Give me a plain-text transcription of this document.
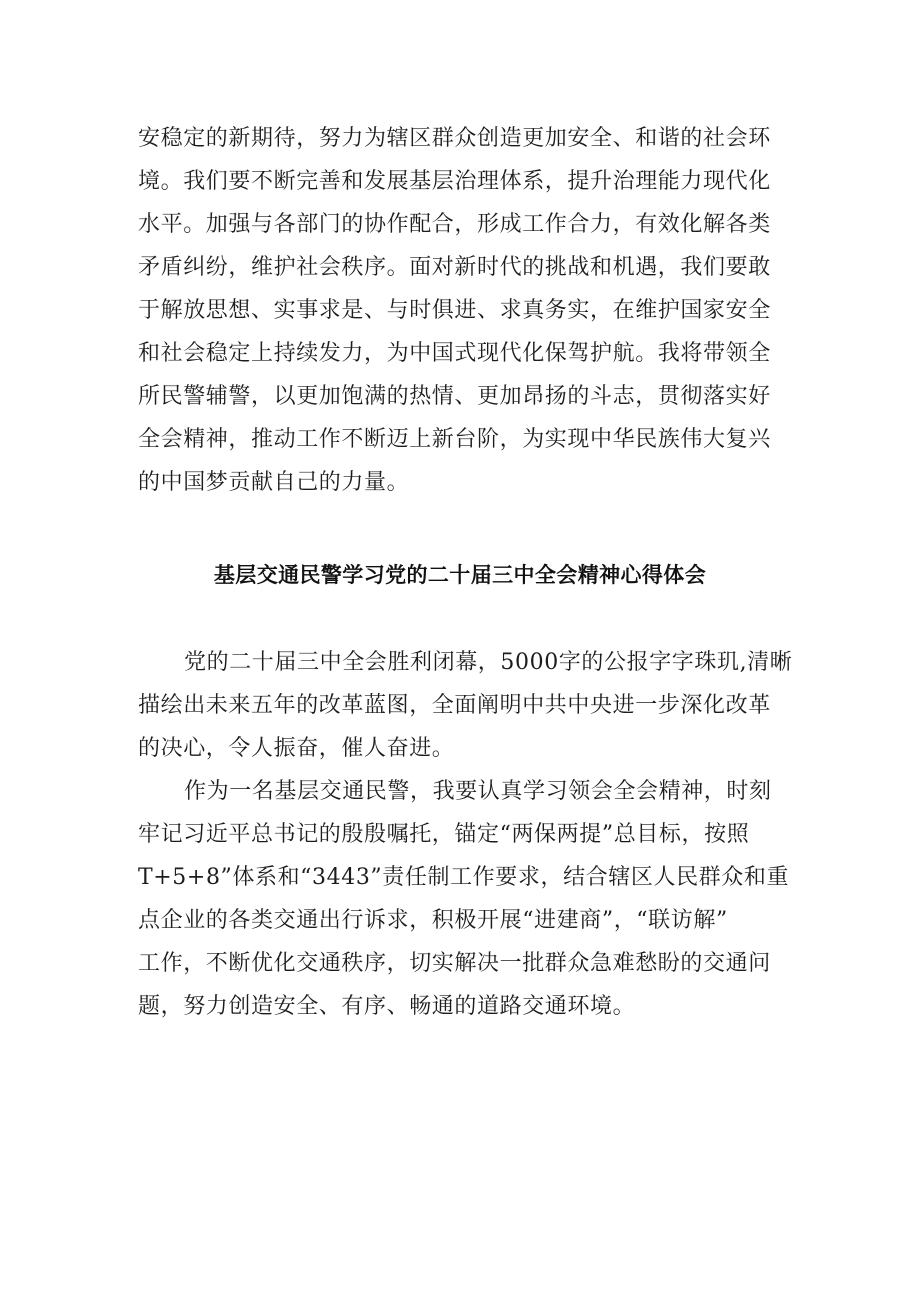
安稳定的新期待，努力为辖区群众创造更加安全、和谐的社会环
境。我们要不断完善和发展基层治理体系，提升治理能力现代化
水平。加强与各部门的协作配合，形成工作合力，有效化解各类
矛盾纠纷，维护社会秩序。面对新时代的挑战和机遇，我们要敢
于解放思想、实事求是、与时俱进、求真务实，在维护国家安全
和社会稳定上持续发力，为中国式现代化保驾护航。我将带领全
所民警辅警，以更加饱满的热情、更加昂扬的斗志，贯彻落实好
全会精神，推动工作不断迈上新台阶，为实现中华民族伟大复兴
的中国梦贡献自己的力量。
基层交通民警学习党的二十届三中全会精神心得体会
党的二十届三中全会胜利闭幕，5000字的公报字字珠玑,清晰
描绘出未来五年的改革蓝图，全面阐明中共中央进一步深化改革
的决心，令人振奋，催人奋进。
作为一名基层交通民警，我要认真学习领会全会精神，时刻
牢记习近平总书记的殷殷嘱托，锚定“两保两提”总目标，按照
T+5+8”体系和“3443”责任制工作要求，结合辖区人民群众和重
点企业的各类交通出行诉求，积极开展“进建商”，“联访解”
工作，不断优化交通秩序，切实解决一批群众急难愁盼的交通问
题，努力创造安全、有序、畅通的道路交通环境。
